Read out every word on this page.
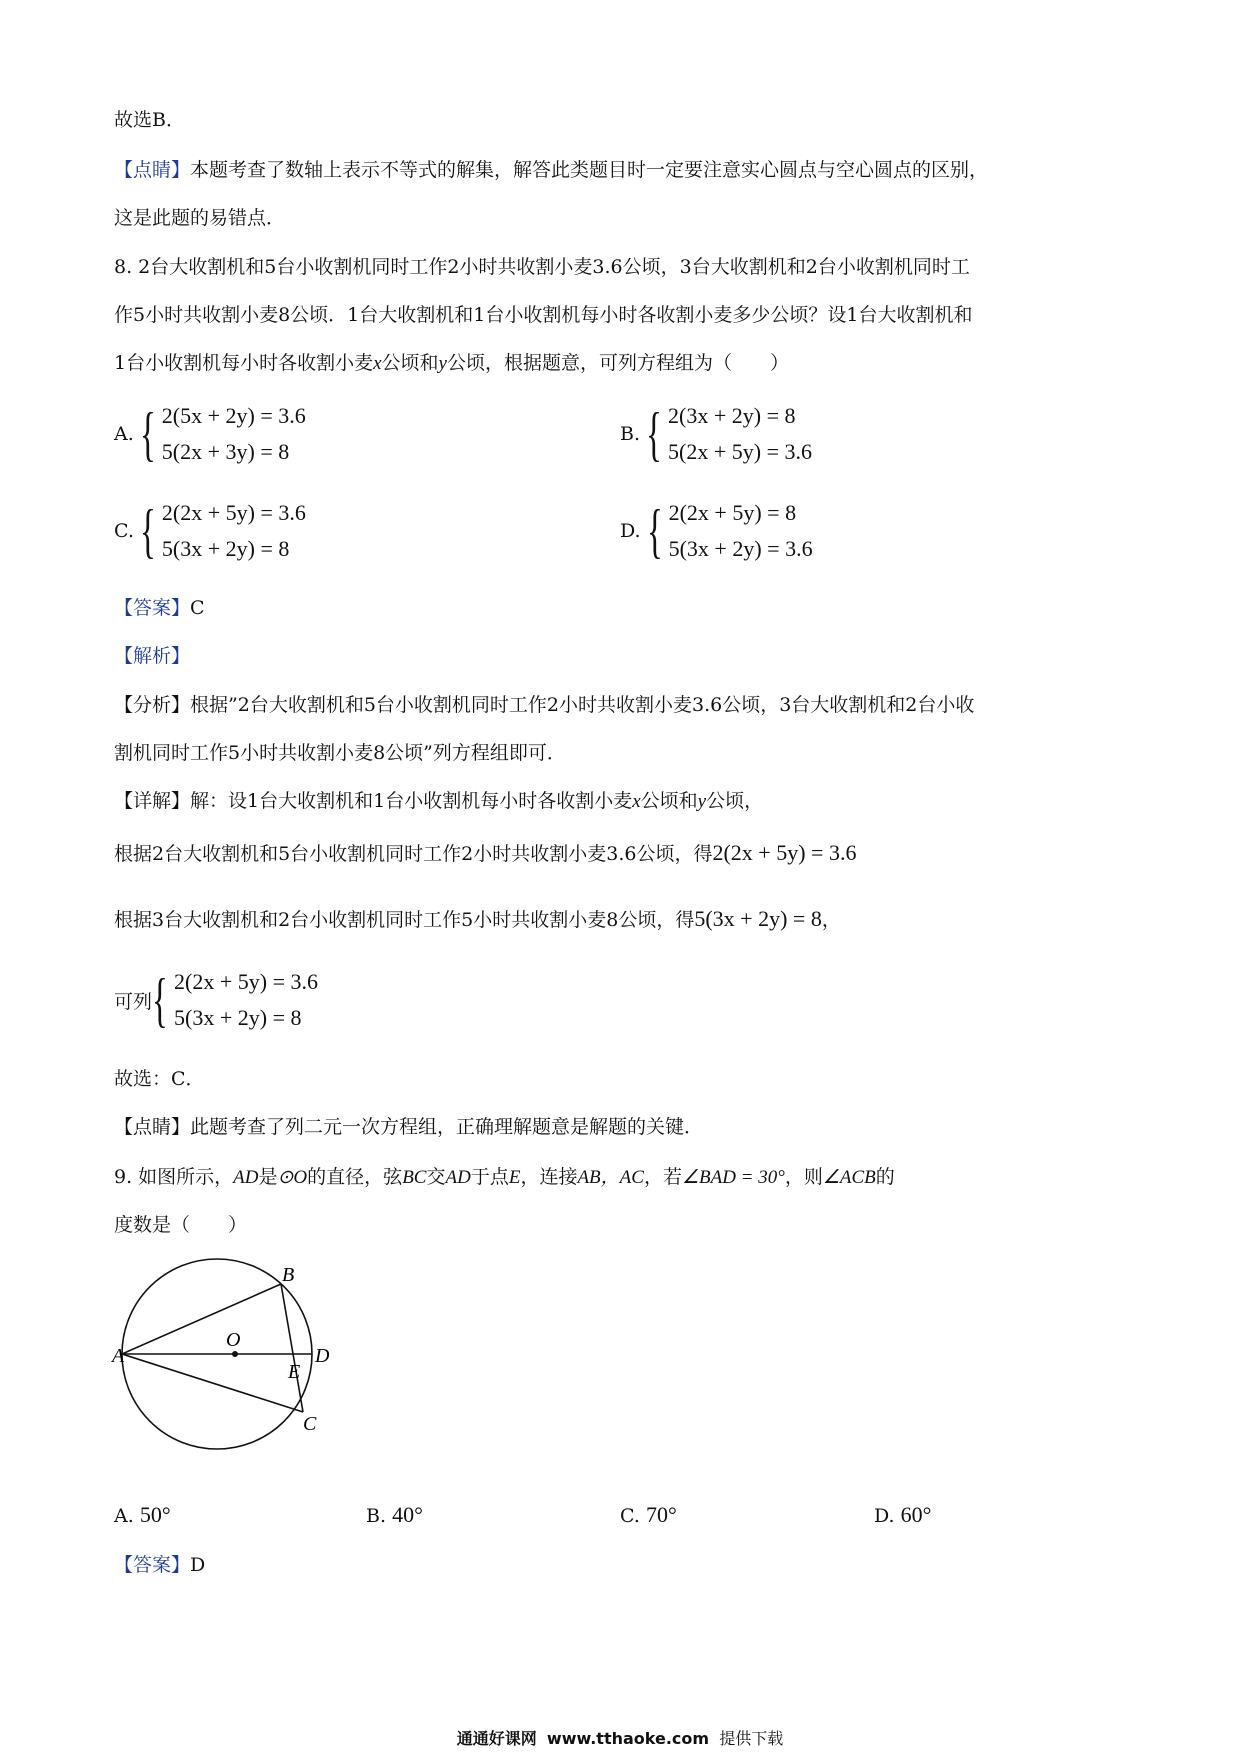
故选B．
【点睛】本题考查了数轴上表示不等式的解集，解答此类题目时一定要注意实心圆点与空心圆点的区别，
这是此题的易错点．
8. 2台大收割机和5台小收割机同时工作2小时共收割小麦3.6公顷，3台大收割机和2台小收割机同时工
作5小时共收割小麦8公顷．1台大收割机和1台小收割机每小时各收割小麦多少公顷？设1台大收割机和
1台小收割机每小时各收割小麦x公顷和y公顷，根据题意，可列方程组为（　　）
A. { 2(5x + 2y) = 3.6
5(2x + 3y) = 8
B. { 2(3x + 2y) = 8
5(2x + 5y) = 3.6
C. { 2(2x + 5y) = 3.6
5(3x + 2y) = 8
D. { 2(2x + 5y) = 8
5(3x + 2y) = 3.6
【答案】C
【解析】
【分析】根据”2台大收割机和5台小收割机同时工作2小时共收割小麦3.6公顷，3台大收割机和2台小收
割机同时工作5小时共收割小麦8公顷”列方程组即可．
【详解】解：设1台大收割机和1台小收割机每小时各收割小麦x公顷和y公顷，
根据2台大收割机和5台小收割机同时工作2小时共收割小麦3.6公顷，得2(2x + 5y) = 3.6
根据3台大收割机和2台小收割机同时工作5小时共收割小麦8公顷，得5(3x + 2y) = 8，
可列 { 2(2x + 5y) = 3.6
5(3x + 2y) = 8
故选：C．
【点睛】此题考查了列二元一次方程组，正确理解题意是解题的关键．
9. 如图所示，AD是⊙O的直径，弦BC交AD于点E，连接AB，AC，若∠BAD = 30°，则∠ACB的
度数是（　　）
A
B
C
D
E
O
A. 50°	B. 40°	C. 70°	D. 60°
【答案】D
通通好课网 www.tthaoke.com 提供下载
